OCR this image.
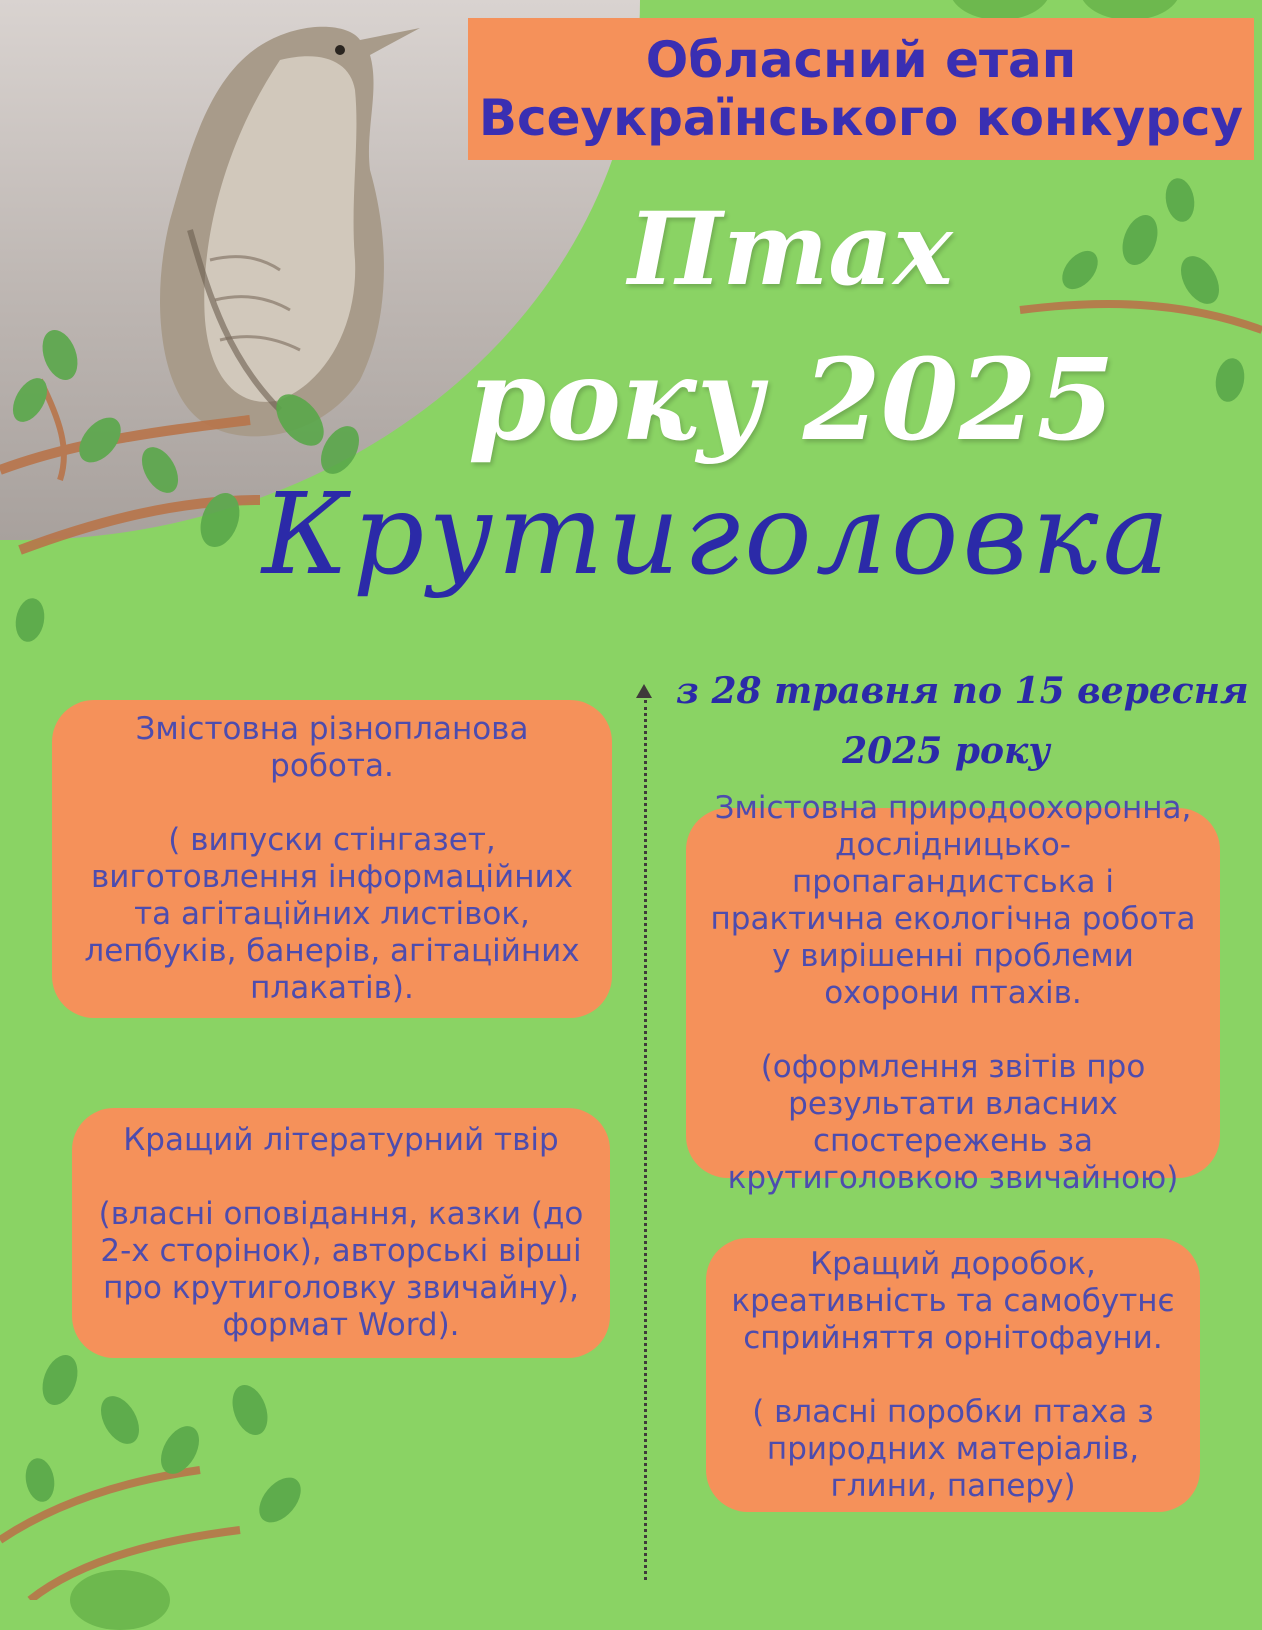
Обласний етап
Всеукраїнського конкурсу
Птах
року 2025
Крутиголовка
з 28 травня по 15 вересня
2025 року

Змістовна різнопланова робота.

( випуски стінгазет, виготовлення інформаційних та агітаційних листівок, лепбуків, банерів, агітаційних плакатів).

Кращий літературний твір

(власні оповідання, казки (до 2-х сторінок), авторські вірші про крутиголовку звичайну), формат Word).

Змістовна природоохоронна, дослідницько-пропагандистська і практична екологічна робота у вирішенні проблеми охорони птахів.

(оформлення звітів про результати власних спостережень за крутиголовкою звичайною)

Кращий доробок, креативність та самобутнє сприйняття орнітофауни.

( власні поробки птаха з природних матеріалів, глини, паперу)
